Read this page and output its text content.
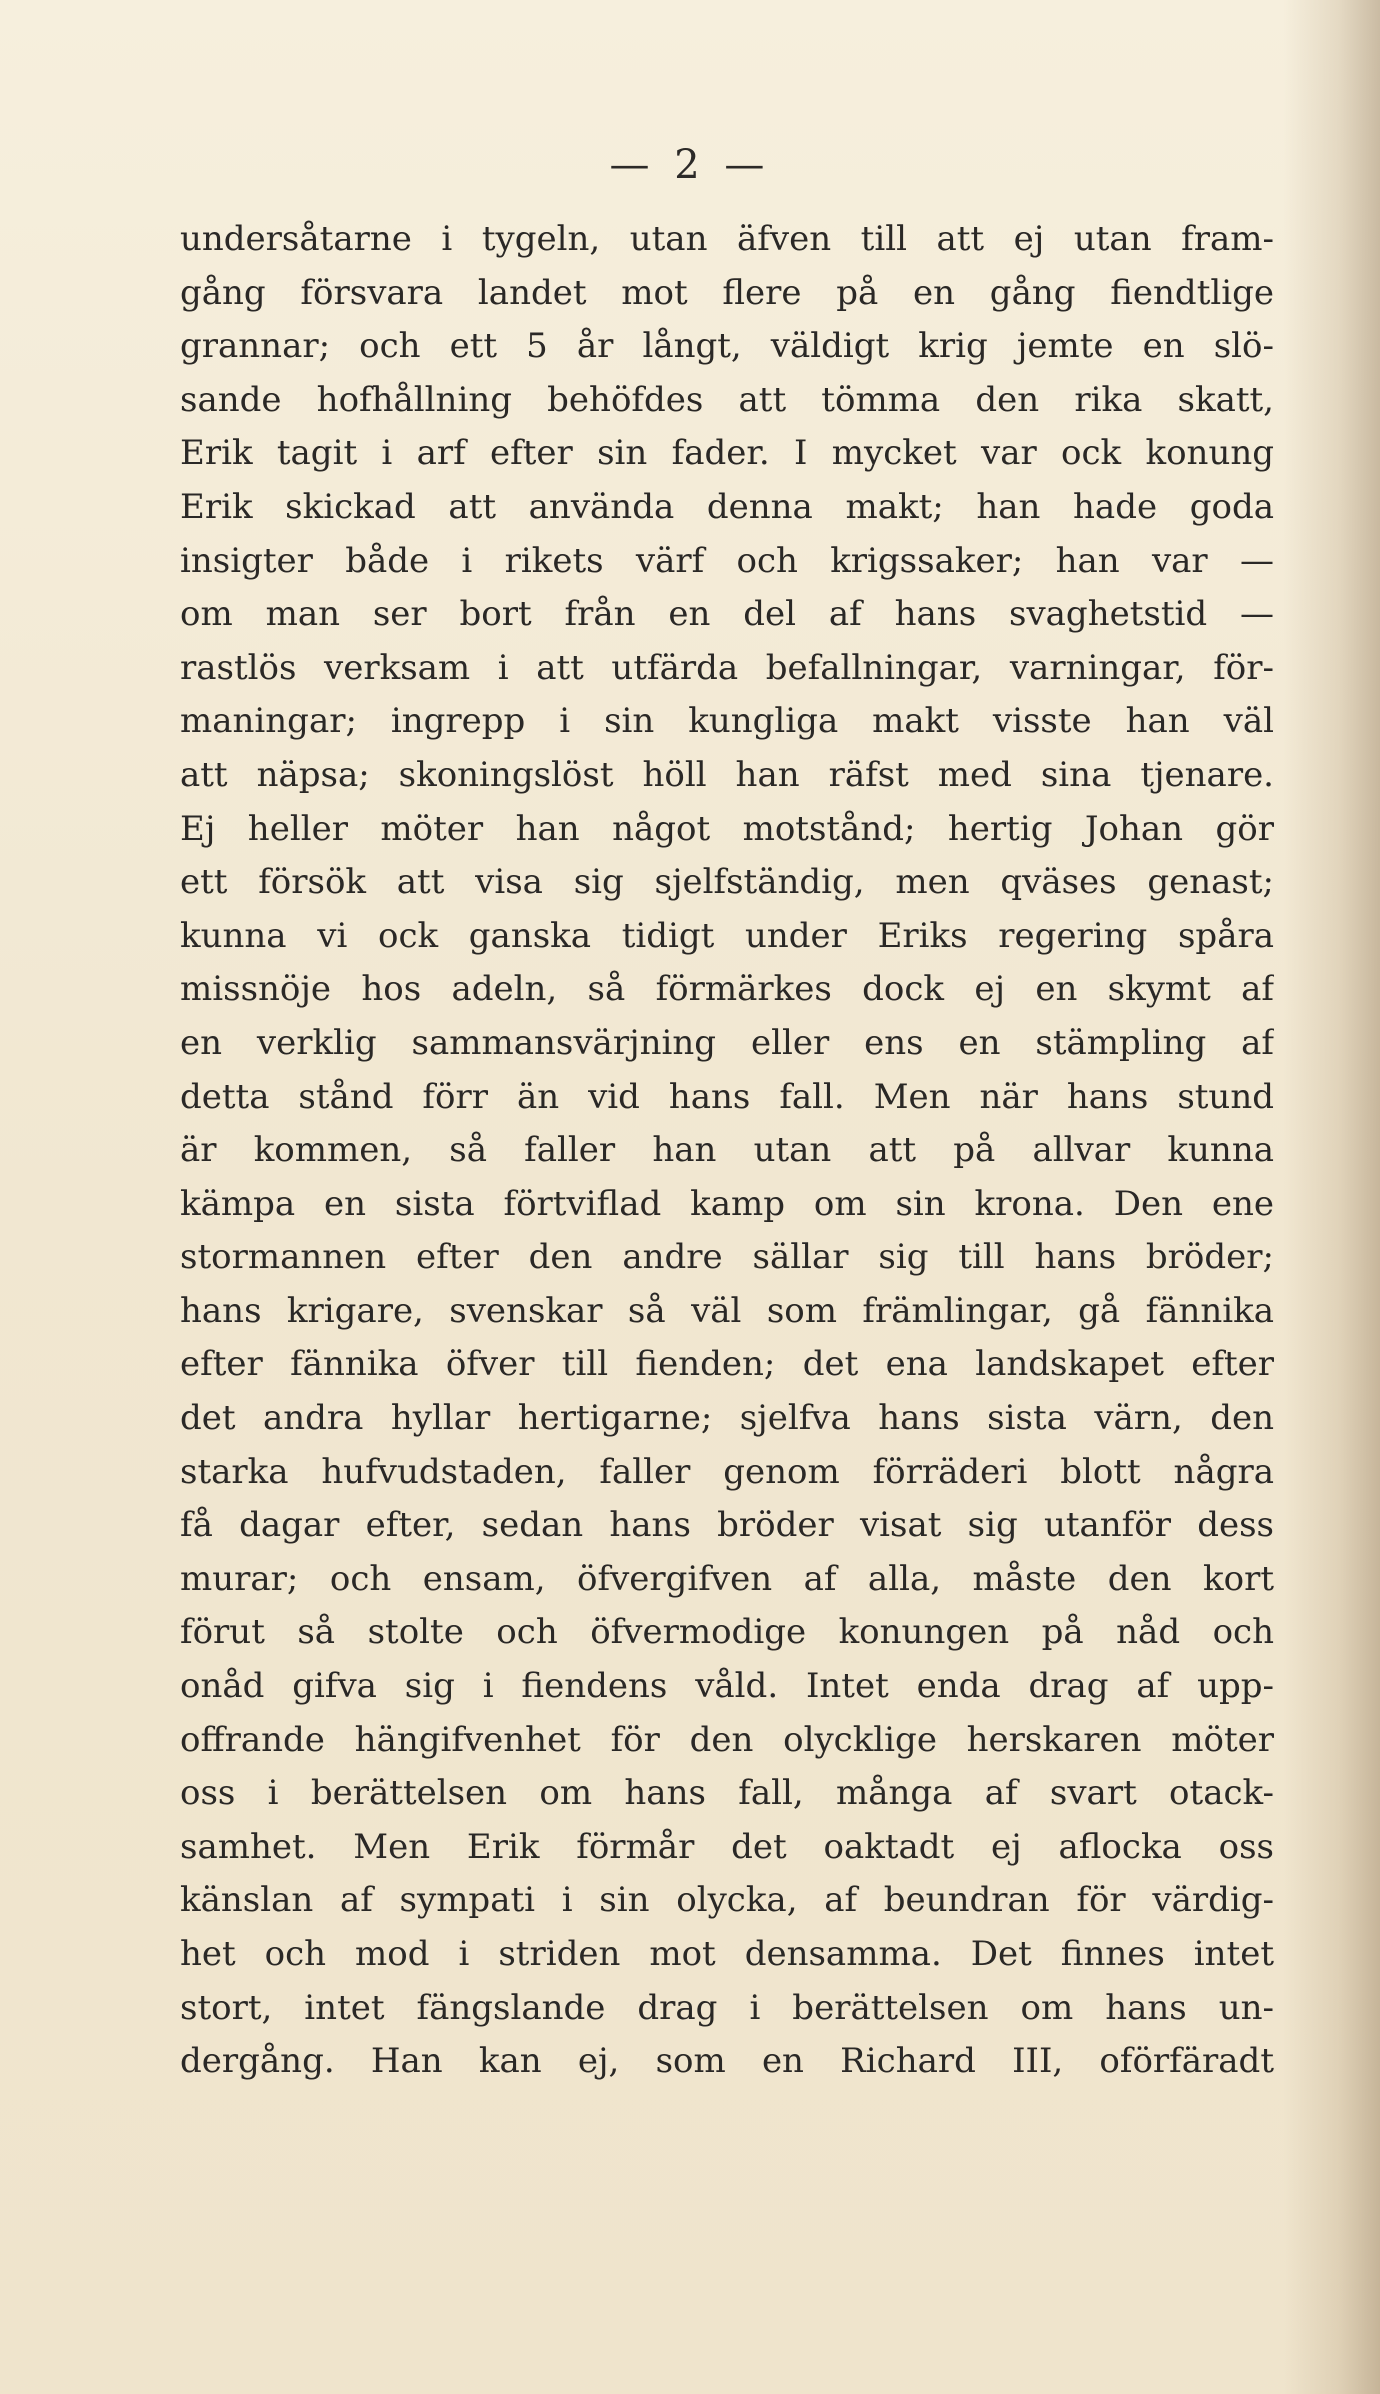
— 2 —
undersåtarne i tygeln, utan äfven till att ej utan fram-
gång försvara landet mot flere på en gång fiendtlige
grannar; och ett 5 år långt, väldigt krig jemte en slö-
sande hofhållning behöfdes att tömma den rika skatt,
Erik tagit i arf efter sin fader. I mycket var ock konung
Erik skickad att använda denna makt; han hade goda
insigter både i rikets värf och krigssaker; han var —
om man ser bort från en del af hans svaghetstid —
rastlös verksam i att utfärda befallningar, varningar, för-
maningar; ingrepp i sin kungliga makt visste han väl
att näpsa; skoningslöst höll han räfst med sina tjenare.
Ej heller möter han något motstånd; hertig Johan gör
ett försök att visa sig sjelfständig, men qväses genast;
kunna vi ock ganska tidigt under Eriks regering spåra
missnöje hos adeln, så förmärkes dock ej en skymt af
en verklig sammansvärjning eller ens en stämpling af
detta stånd förr än vid hans fall. Men när hans stund
är kommen, så faller han utan att på allvar kunna
kämpa en sista förtviflad kamp om sin krona. Den ene
stormannen efter den andre sällar sig till hans bröder;
hans krigare, svenskar så väl som främlingar, gå fännika
efter fännika öfver till fienden; det ena landskapet efter
det andra hyllar hertigarne; sjelfva hans sista värn, den
starka hufvudstaden, faller genom förräderi blott några
få dagar efter, sedan hans bröder visat sig utanför dess
murar; och ensam, öfvergifven af alla, måste den kort
förut så stolte och öfvermodige konungen på nåd och
onåd gifva sig i fiendens våld. Intet enda drag af upp-
offrande hängifvenhet för den olycklige herskaren möter
oss i berättelsen om hans fall, många af svart otack-
samhet. Men Erik förmår det oaktadt ej aflocka oss
känslan af sympati i sin olycka, af beundran för värdig-
het och mod i striden mot densamma. Det finnes intet
stort, intet fängslande drag i berättelsen om hans un-
dergång. Han kan ej, som en Richard III, oförfäradt
